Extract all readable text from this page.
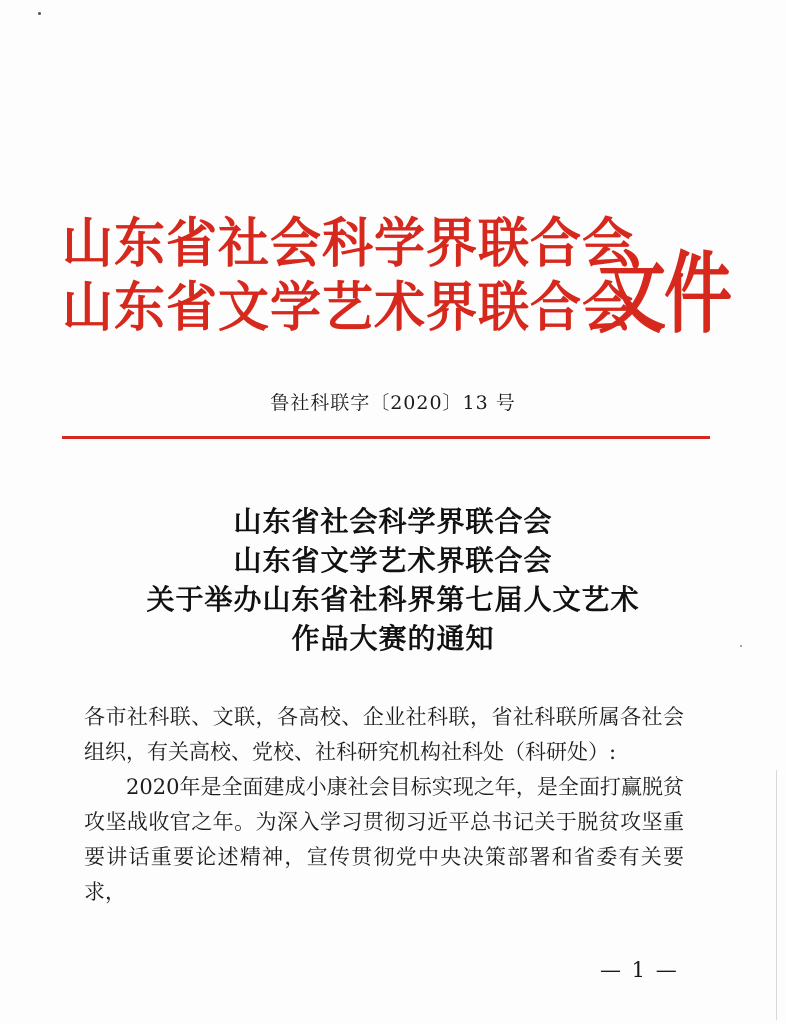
山东省社会科学界联合会
山东省文学艺术界联合会
文件
鲁社科联字〔2020〕13 号
山东省社会科学界联合会
山东省文学艺术界联合会
关于举办山东省社科界第七届人文艺术
作品大赛的通知

各市社科联、文联，各高校、企业社科联，省社科联所属各社会组织，有关高校、党校、社科研究机构社科处（科研处）:

2020年是全面建成小康社会目标实现之年，是全面打赢脱贫攻坚战收官之年。为深入学习贯彻习近平总书记关于脱贫攻坚重要讲话重要论述精神，宣传贯彻党中央决策部署和省委有关要求，

— 1 —
